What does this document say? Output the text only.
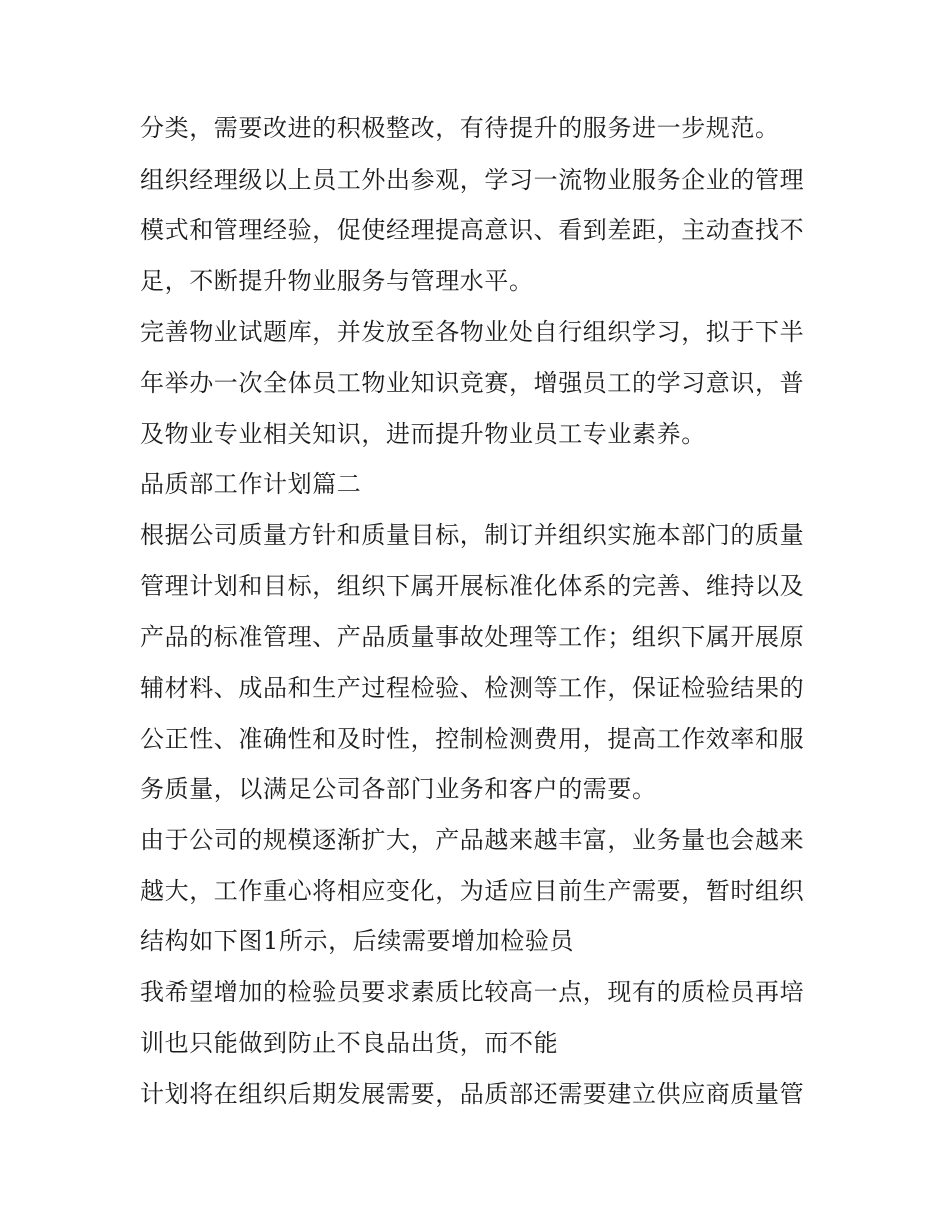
分类，需要改进的积极整改，有待提升的服务进一步规范。
组织经理级以上员工外出参观，学习一流物业服务企业的管理
模式和管理经验，促使经理提高意识、看到差距，主动查找不
足，不断提升物业服务与管理水平。
完善物业试题库，并发放至各物业处自行组织学习，拟于下半
年举办一次全体员工物业知识竞赛，增强员工的学习意识，普
及物业专业相关知识，进而提升物业员工专业素养。
品质部工作计划篇二
根据公司质量方针和质量目标，制订并组织实施本部门的质量
管理计划和目标，组织下属开展标准化体系的完善、维持以及
产品的标准管理、产品质量事故处理等工作；组织下属开展原
辅材料、成品和生产过程检验、检测等工作，保证检验结果的
公正性、准确性和及时性，控制检测费用，提高工作效率和服
务质量，以满足公司各部门业务和客户的需要。
由于公司的规模逐渐扩大，产品越来越丰富，业务量也会越来
越大，工作重心将相应变化，为适应目前生产需要，暂时组织
结构如下图1所示，后续需要增加检验员
我希望增加的检验员要求素质比较高一点，现有的质检员再培
训也只能做到防止不良品出货，而不能
计划将在组织后期发展需要，品质部还需要建立供应商质量管
